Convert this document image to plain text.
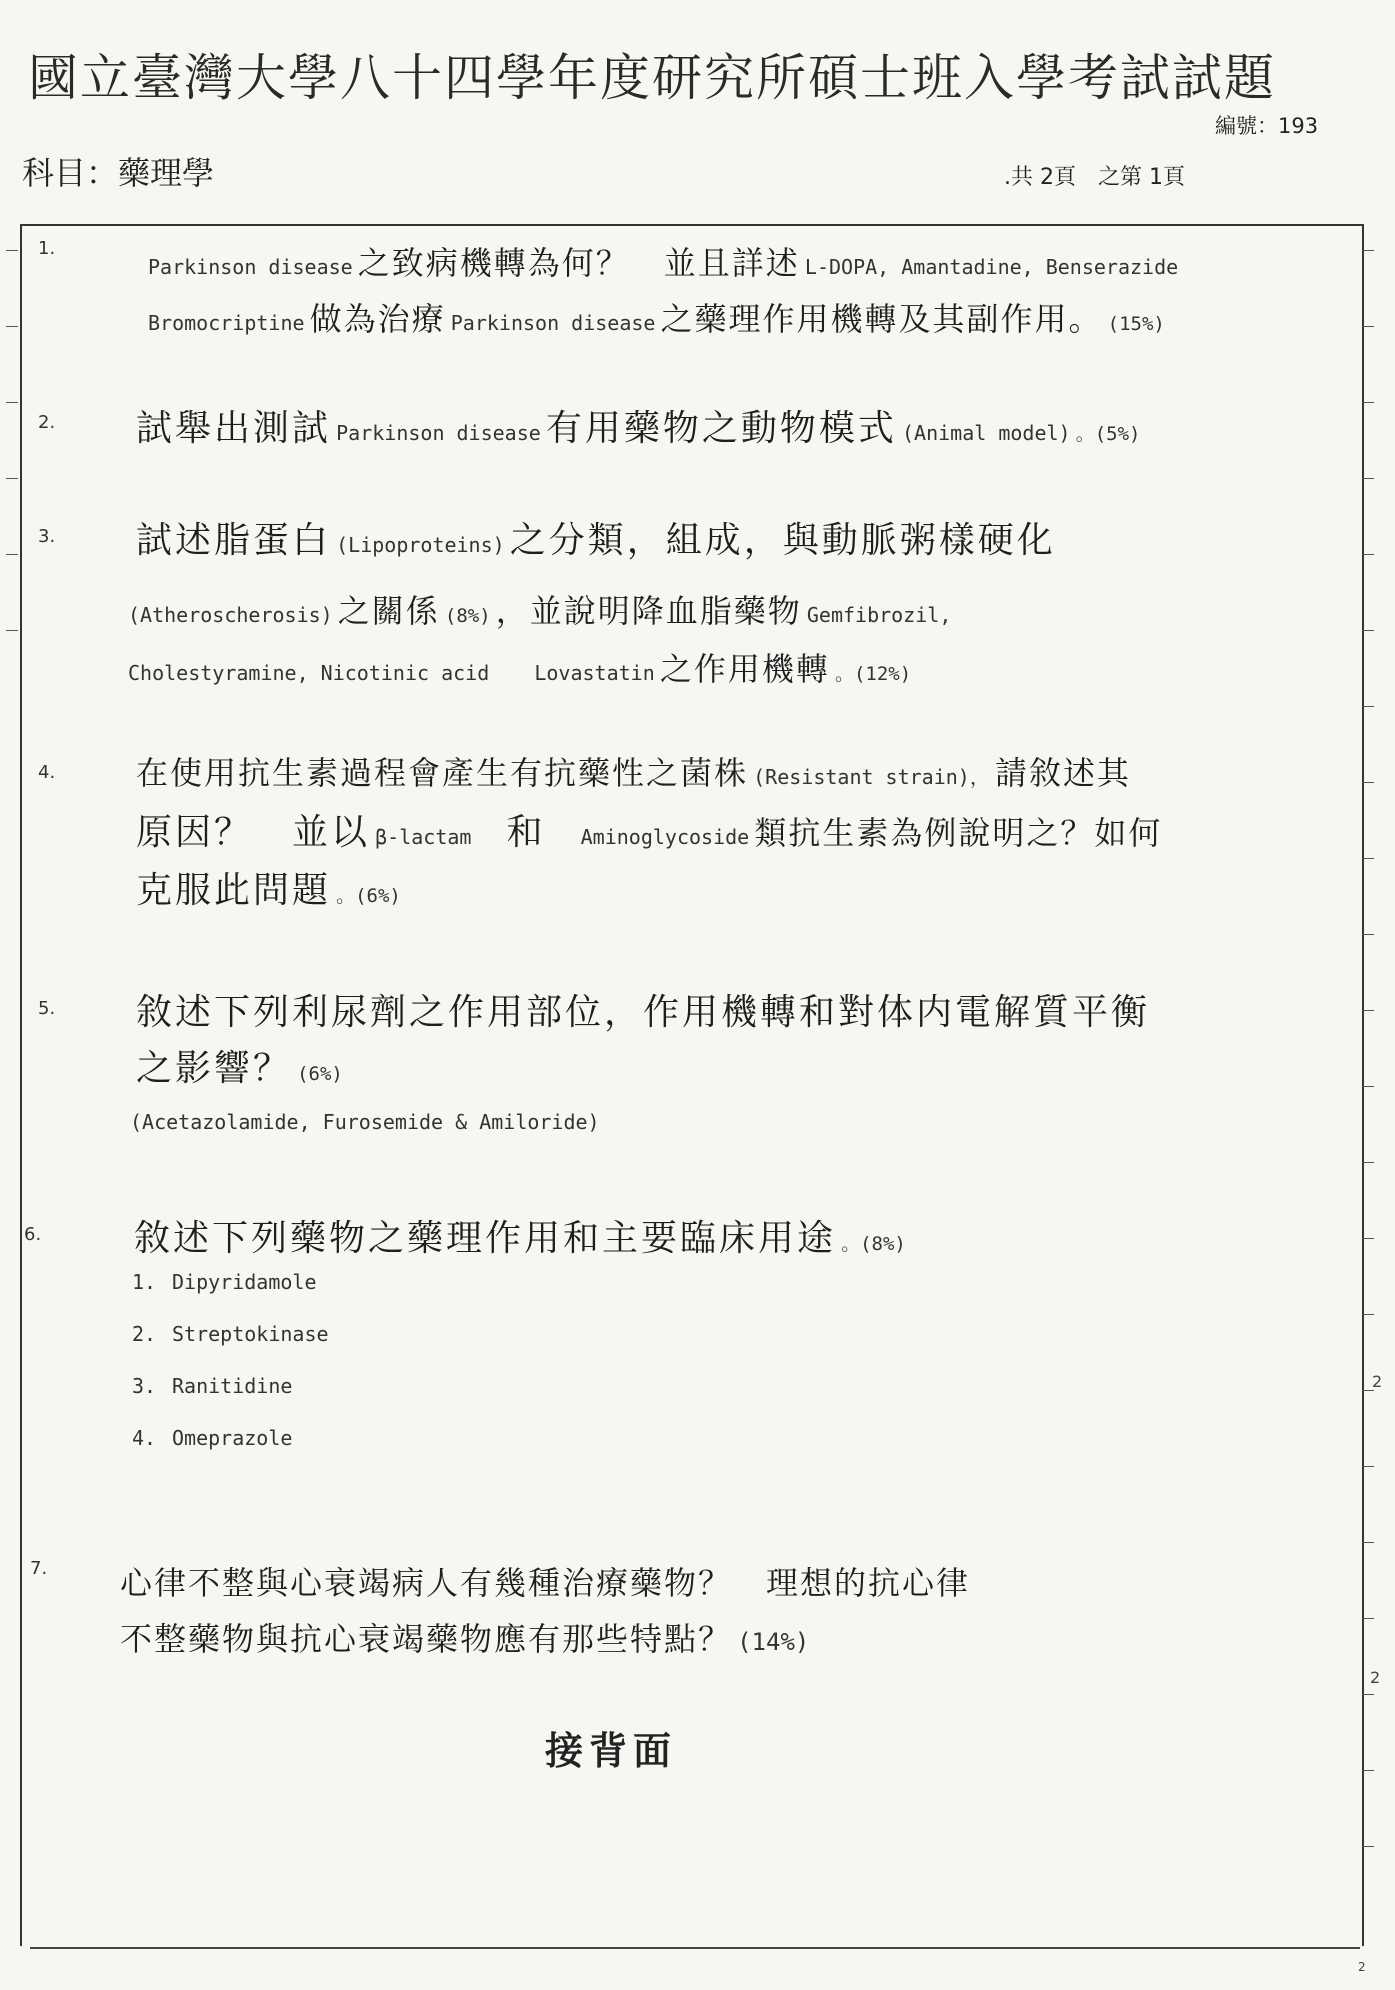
國立臺灣大學八十四學年度研究所碩士班入學考試試題
編號：193
科目：藥理學	.共 2頁　之第 1頁
2
2
2
1.
Parkinson disease 之致病機轉為何？　並且詳述 L-DOPA, Amantadine, Benserazide
Bromocriptine 做為治療 Parkinson disease 之藥理作用機轉及其副作用。 (15%)
2. 試舉出測試 Parkinson disease 有用藥物之動物模式 (Animal model) 。(5%)
3. 試述脂蛋白 (Lipoproteins) 之分類，組成，與動脈粥樣硬化
(Atheroscherosis) 之關係 (8%) ，並說明降血脂藥物 Gemfibrozil,
Cholestyramine, Nicotinic acid Lovastatin 之作用機轉 。(12%)
4.	在使用抗生素過程會產生有抗藥性之菌株 (Resistant strain)， 請敘述其
原因？　並以 β-lactam 和 Aminoglycoside 類抗生素為例說明之？如何
克服此問題 。(6%)
5. 敘述下列利尿劑之作用部位，作用機轉和對体内電解質平衡
之影響？ (6%)
(Acetazolamide, Furosemide & Amiloride)
6.	敘述下列藥物之藥理作用和主要臨床用途 。(8%)
1. Dipyridamole
2. Streptokinase
3. Ranitidine
4. Omeprazole
7. 心律不整與心衰竭病人有幾種治療藥物？　理想的抗心律
不整藥物與抗心衰竭藥物應有那些特點？ (14%)
接背面
